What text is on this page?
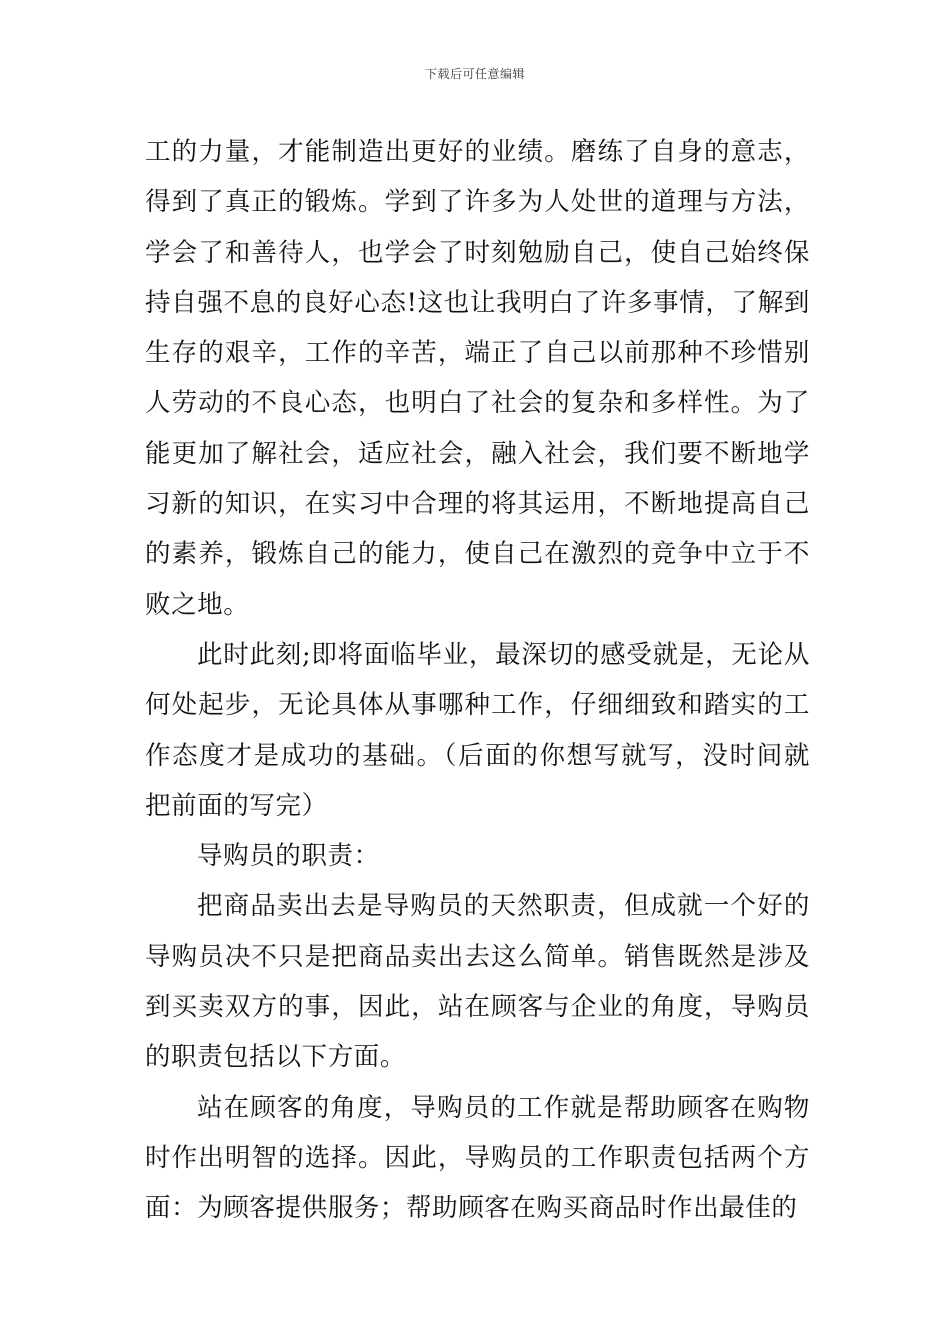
下载后可任意编辑

工的力量，才能制造出更好的业绩。磨练了自身的意志，得到了真正的锻炼。学到了许多为人处世的道理与方法，学会了和善待人，也学会了时刻勉励自己，使自己始终保持自强不息的良好心态!这也让我明白了许多事情，了解到生存的艰辛，工作的辛苦，端正了自己以前那种不珍惜别人劳动的不良心态，也明白了社会的复杂和多样性。为了能更加了解社会，适应社会，融入社会，我们要不断地学习新的知识，在实习中合理的将其运用，不断地提高自己的素养，锻炼自己的能力，使自己在激烈的竞争中立于不败之地。

此时此刻;即将面临毕业，最深切的感受就是，无论从何处起步，无论具体从事哪种工作，仔细细致和踏实的工作态度才是成功的基础。（后面的你想写就写，没时间就把前面的写完）

导购员的职责：

把商品卖出去是导购员的天然职责，但成就一个好的导购员决不只是把商品卖出去这么简单。销售既然是涉及到买卖双方的事，因此，站在顾客与企业的角度，导购员的职责包括以下方面。

站在顾客的角度，导购员的工作就是帮助顾客在购物时作出明智的选择。因此，导购员的工作职责包括两个方面：为顾客提供服务；帮助顾客在购买商品时作出最佳的
